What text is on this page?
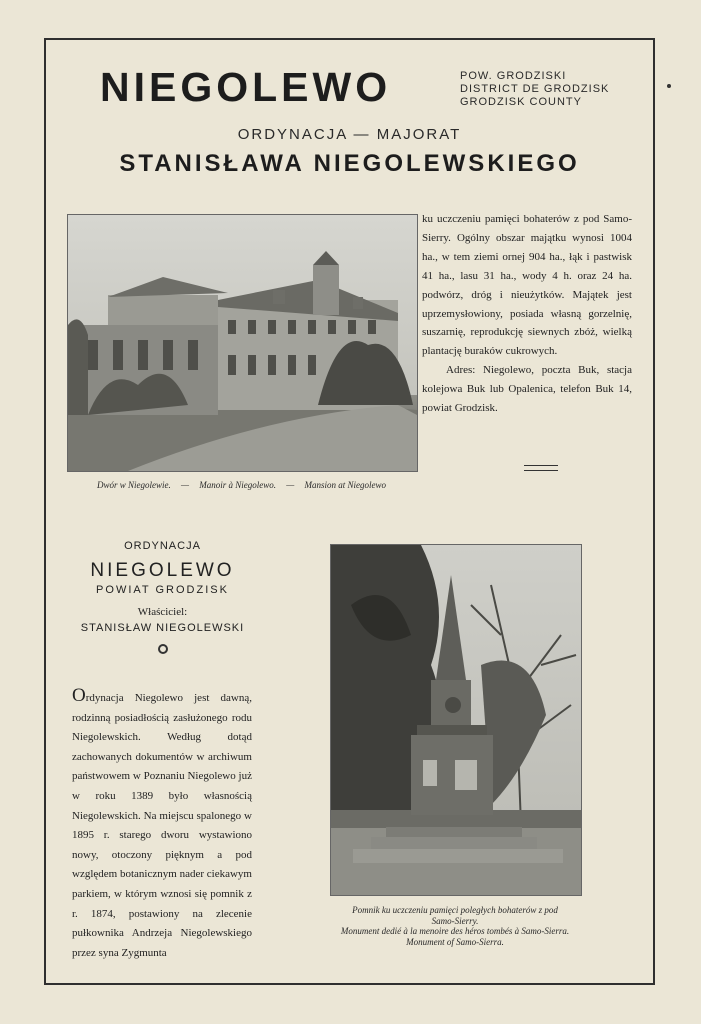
NIEGOLEWO	POW. GRODZISKI
DISTRICT DE GRODZISK
GRODZISK COUNTY
ORDYNACJA — MAJORAT
STANISŁAWA NIEGOLEWSKIEGO
Dwór w Niegolewie. — Manoir à Niegolewo. — Mansion at Niegolewo

ku uczczeniu pamięci bohaterów z pod Samo-Sierry. Ogólny obszar majątku wynosi 1004 ha., w tem ziemi ornej 904 ha., łąk i pastwisk 41 ha., lasu 31 ha., wody 4 h. oraz 24 ha. podwórz, dróg i nieużytków. Majątek jest uprzemysłowiony, posiada własną gorzelnię, suszarnię, reprodukcję siewnych zbóż, wielką plantację buraków cukrowych.

Adres: Niegolewo, poczta Buk, stacja kolejowa Buk lub Opalenica, telefon Buk 14, powiat Grodzisk.

ORDYNACJA
NIEGOLEWO
POWIAT GRODZISK
Właściciel:
STANISŁAW NIEGOLEWSKI

Ordynacja Niegolewo jest dawną, rodzinną posiadłością zasłużonego rodu Niegolewskich. Według dotąd zachowanych dokumentów w archiwum państwowem w Poznaniu Niegolewo już w roku 1389 było własnością Niegolewskich. Na miejscu spalonego w 1895 r. starego dworu wystawiono nowy, otoczony pięknym a pod względem botanicznym nader ciekawym parkiem, w którym wznosi się pomnik z r. 1874, postawiony na zlecenie pułkownika Andrzeja Niegolewskiego przez syna Zygmunta

Pomnik ku uczczeniu pamięci poległych bohaterów z pod
Samo-Sierry.
Monument dedié à la menoire des héros tombés à Samo-Sierra.
Monument of Samo-Sierra.
